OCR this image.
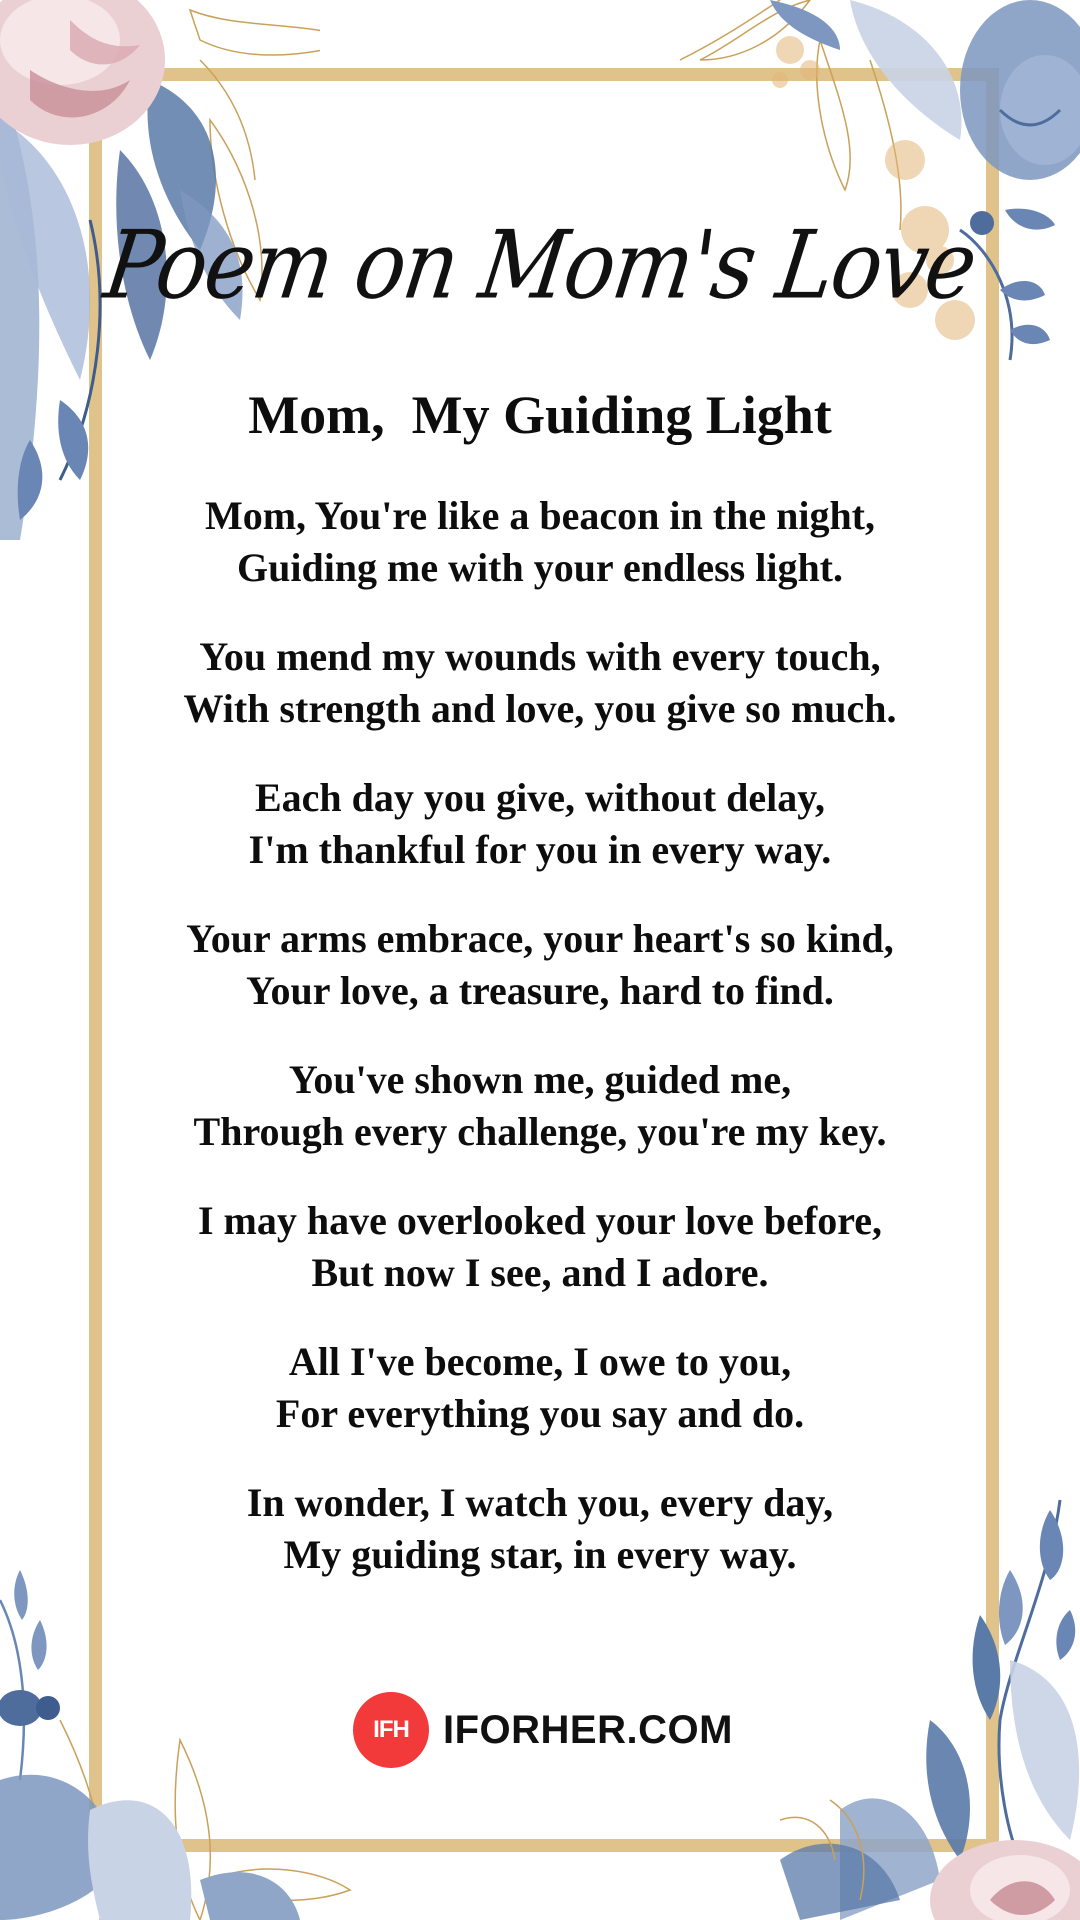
Poem on Mom's Love
Mom,  My Guiding Light
Mom, You're like a beacon in the night,
Guiding me with your endless light.
You mend my wounds with every touch,
With strength and love, you give so much.
Each day you give, without delay,
I'm thankful for you in every way.
Your arms embrace, your heart's so kind,
Your love, a treasure, hard to find.
You've shown me, guided me,
Through every challenge, you're my key.
I may have overlooked your love before,
But now I see, and I adore.
All I've become, I owe to you,
For everything you say and do.
In wonder, I watch you, every day,
My guiding star, in every way.
IFH IFORHER.COM
